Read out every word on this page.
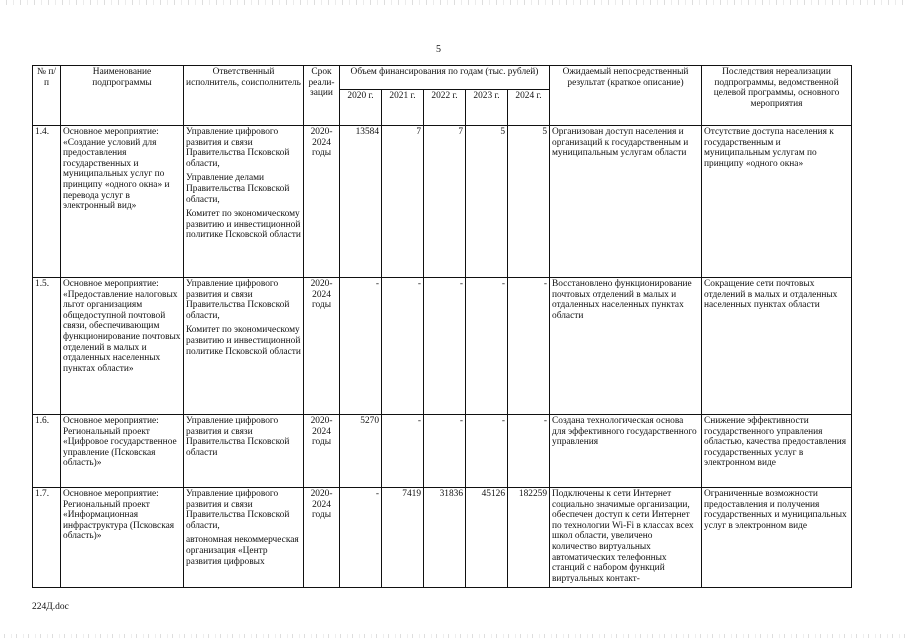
5
№ п/п	Наименование подпрограммы	Ответственный исполнитель, соисполнитель	Срок реали-зации	Объем финансирования по годам (тыс. рублей)					Ожидаемый непосредственный результат (краткое описание)	Последствия нереализации подпрограммы, ведомственной целевой программы, основного мероприятия
				2020 г.	2021 г.	2022 г.	2023 г.	2024 г.		
1.4.	Основное мероприятие: «Создание условий для предоставления государственных и муниципальных услуг по принципу «одного окна» и перевода услуг в электронный вид»	Управление цифрового развития и связи Правительства Псковской области,
Управление делами Правительства Псковской области,
Комитет по экономическому развитию и инвестиционной политике Псковской области	2020-2024 годы	13584	7	7	5	5	Организован доступ населения и организаций к государственным и муниципальным услугам области	Отсутствие доступа населения к государственным и муниципальным услугам по принципу «одного окна»
1.5.	Основное мероприятие: «Предоставление налоговых льгот организациям общедоступной почтовой связи, обеспечивающим функционирование почтовых отделений в малых и отдаленных населенных пунктах области»	Управление цифрового развития и связи Правительства Псковской области,
Комитет по экономическому развитию и инвестиционной политике Псковской области	2020-2024 годы	-	-	-	-	-	Восстановлено функционирование почтовых отделений в малых и отдаленных населенных пунктах области	Сокращение сети почтовых отделений в малых и отдаленных населенных пунктах области
1.6.	Основное мероприятие: Региональный проект «Цифровое государственное управление (Псковская область)»	Управление цифрового развития и связи Правительства Псковской области	2020-2024 годы	5270	-	-	-	-	Создана технологическая основа для эффективного государственного управления	Снижение эффективности государственного управления областью, качества предоставления государственных услуг в электронном виде
1.7.	Основное мероприятие: Региональный проект «Информационная инфраструктура (Псковская область)»	Управление цифрового развития и связи Правительства Псковской области,
автономная некоммерческая организация «Центр развития цифровых	2020-2024 годы	-	7419	31836	45126	182259	Подключены к сети Интернет социально значимые организации, обеспечен доступ к сети Интернет по технологии Wi-Fi в классах всех школ области, увеличено количество виртуальных автоматических телефонных станций с набором функций виртуальных контакт-	Ограниченные возможности предоставления и получения государственных и муниципальных услуг в электронном виде
224Д.doc
